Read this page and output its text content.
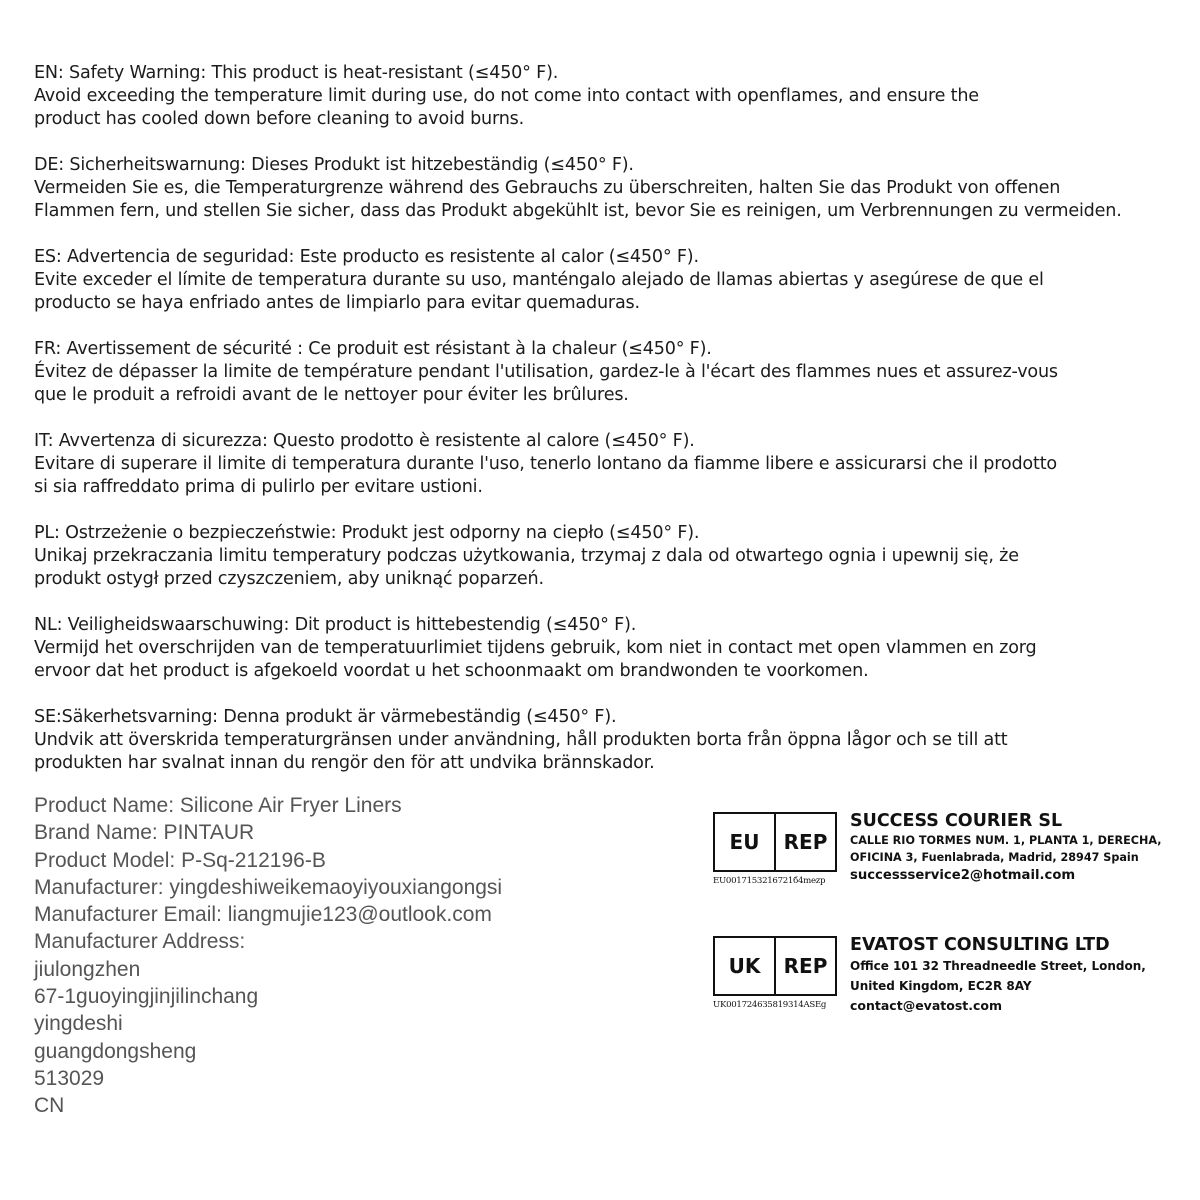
EN: Safety Warning: This product is heat-resistant (≤450° F).
Avoid exceeding the temperature limit during use, do not come into contact with openflames, and ensure the
product has cooled down before cleaning to avoid burns.
DE: Sicherheitswarnung: Dieses Produkt ist hitzebeständig (≤450° F).
Vermeiden Sie es, die Temperaturgrenze während des Gebrauchs zu überschreiten, halten Sie das Produkt von offenen
Flammen fern, und stellen Sie sicher, dass das Produkt abgekühlt ist, bevor Sie es reinigen, um Verbrennungen zu vermeiden.
ES: Advertencia de seguridad: Este producto es resistente al calor (≤450° F).
Evite exceder el límite de temperatura durante su uso, manténgalo alejado de llamas abiertas y asegúrese de que el
producto se haya enfriado antes de limpiarlo para evitar quemaduras.
FR: Avertissement de sécurité : Ce produit est résistant à la chaleur (≤450° F).
Évitez de dépasser la limite de température pendant l'utilisation, gardez-le à l'écart des flammes nues et assurez-vous
que le produit a refroidi avant de le nettoyer pour éviter les brûlures.
IT: Avvertenza di sicurezza: Questo prodotto è resistente al calore (≤450° F).
Evitare di superare il limite di temperatura durante l'uso, tenerlo lontano da fiamme libere e assicurarsi che il prodotto
si sia raffreddato prima di pulirlo per evitare ustioni.
PL: Ostrzeżenie o bezpieczeństwie: Produkt jest odporny na ciepło (≤450° F).
Unikaj przekraczania limitu temperatury podczas użytkowania, trzymaj z dala od otwartego ognia i upewnij się, że
produkt ostygł przed czyszczeniem, aby uniknąć poparzeń.
NL: Veiligheidswaarschuwing: Dit product is hittebestendig (≤450° F).
Vermijd het overschrijden van de temperatuurlimiet tijdens gebruik, kom niet in contact met open vlammen en zorg
ervoor dat het product is afgekoeld voordat u het schoonmaakt om brandwonden te voorkomen.
SE:Säkerhetsvarning: Denna produkt är värmebeständig (≤450° F).
Undvik att överskrida temperaturgränsen under användning, håll produkten borta från öppna lågor och se till att
produkten har svalnat innan du rengör den för att undvika brännskador.
Product Name: Silicone Air Fryer Liners
Brand Name: PINTAUR
Product Model: P-Sq-212196-B
Manufacturer: yingdeshiweikemaoyiyouxiangongsi
Manufacturer Email: liangmujie123@outlook.com
Manufacturer Address:
jiulongzhen
67-1guoyingjinjilinchang
yingdeshi
guangdongsheng
513029
CN
EU	REP
EU0017153216721б4mezp
SUCCESS COURIER SL
CALLE RIO TORMES NUM. 1, PLANTA 1, DERECHA,
OFICINA 3, Fuenlabrada, Madrid, 28947 Spain
successservice2@hotmail.com
UK	REP
UK0017246З5819314ASEg
EVATOST CONSULTING LTD
Office 101 32 Threadneedle Street, London,
United Kingdom, EC2R 8AY
contact@evatost.com
